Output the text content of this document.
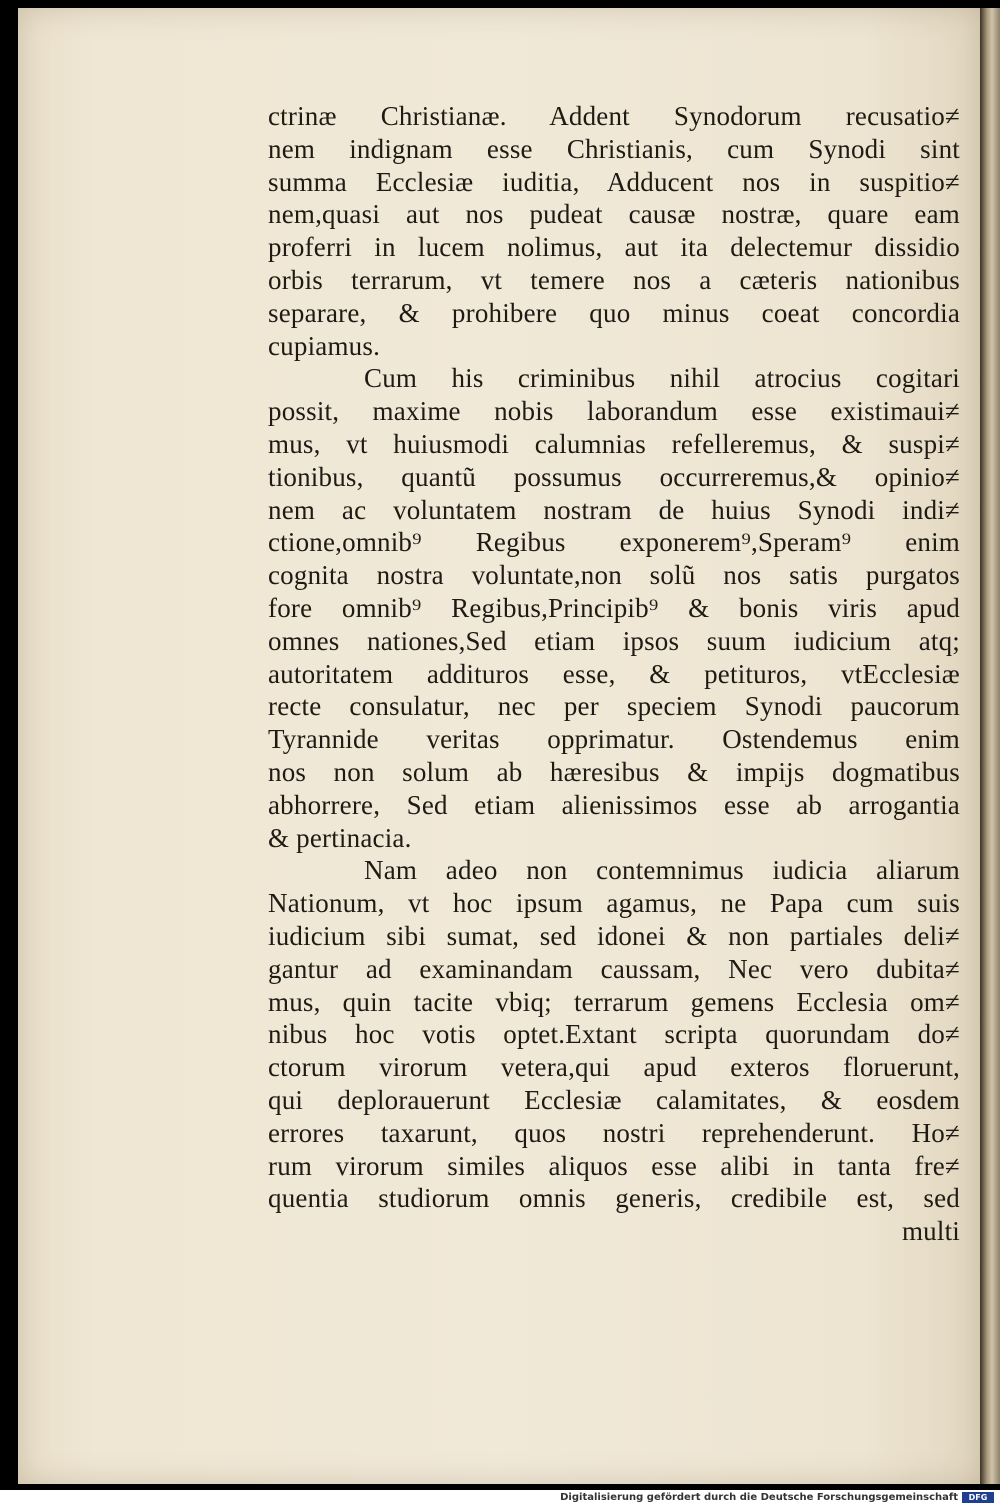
ctrinæ Christianæ. Addent Synodorum recusatio≠
nem indignam esse Christianis, cum Synodi sint
summa Ecclesiæ iuditia, Adducent nos in suspitio≠
nem,quasi aut nos pudeat causæ nostræ, quare eam
proferri in lucem nolimus, aut ita delectemur dissidio
orbis terrarum, vt temere nos a cæteris nationibus
separare, & prohibere quo minus coeat concordia
cupiamus.
Cum his criminibus nihil atrocius cogitari
possit, maxime nobis laborandum esse existimaui≠
mus, vt huiusmodi calumnias refelleremus, & suspi≠
tionibus, quantũ possumus occurreremus,& opinio≠
nem ac voluntatem nostram de huius Synodi indi≠
ctione,omnib⁹ Regibus exponerem⁹,Speram⁹ enim
cognita nostra voluntate,non solũ nos satis purgatos
fore omnib⁹ Regibus,Principib⁹ & bonis viris apud
omnes nationes,Sed etiam ipsos suum iudicium atq;
autoritatem addituros esse, & petituros, vtEcclesiæ
recte consulatur, nec per speciem Synodi paucorum
Tyrannide veritas opprimatur. Ostendemus enim
nos non solum ab hæresibus & impijs dogmatibus
abhorrere, Sed etiam alienissimos esse ab arrogantia
& pertinacia.
Nam adeo non contemnimus iudicia aliarum
Nationum, vt hoc ipsum agamus, ne Papa cum suis
iudicium sibi sumat, sed idonei & non partiales deli≠
gantur ad examinandam caussam, Nec vero dubita≠
mus, quin tacite vbiq; terrarum gemens Ecclesia om≠
nibus hoc votis optet.Extant scripta quorundam do≠
ctorum virorum vetera,qui apud exteros floruerunt,
qui deplorauerunt Ecclesiæ calamitates, & eosdem
errores taxarunt, quos nostri reprehenderunt. Ho≠
rum virorum similes aliquos esse alibi in tanta fre≠
quentia studiorum omnis generis, credibile est, sed
multi
Digitalisierung gefördert durch die Deutsche Forschungsgemeinschaft	DFG
